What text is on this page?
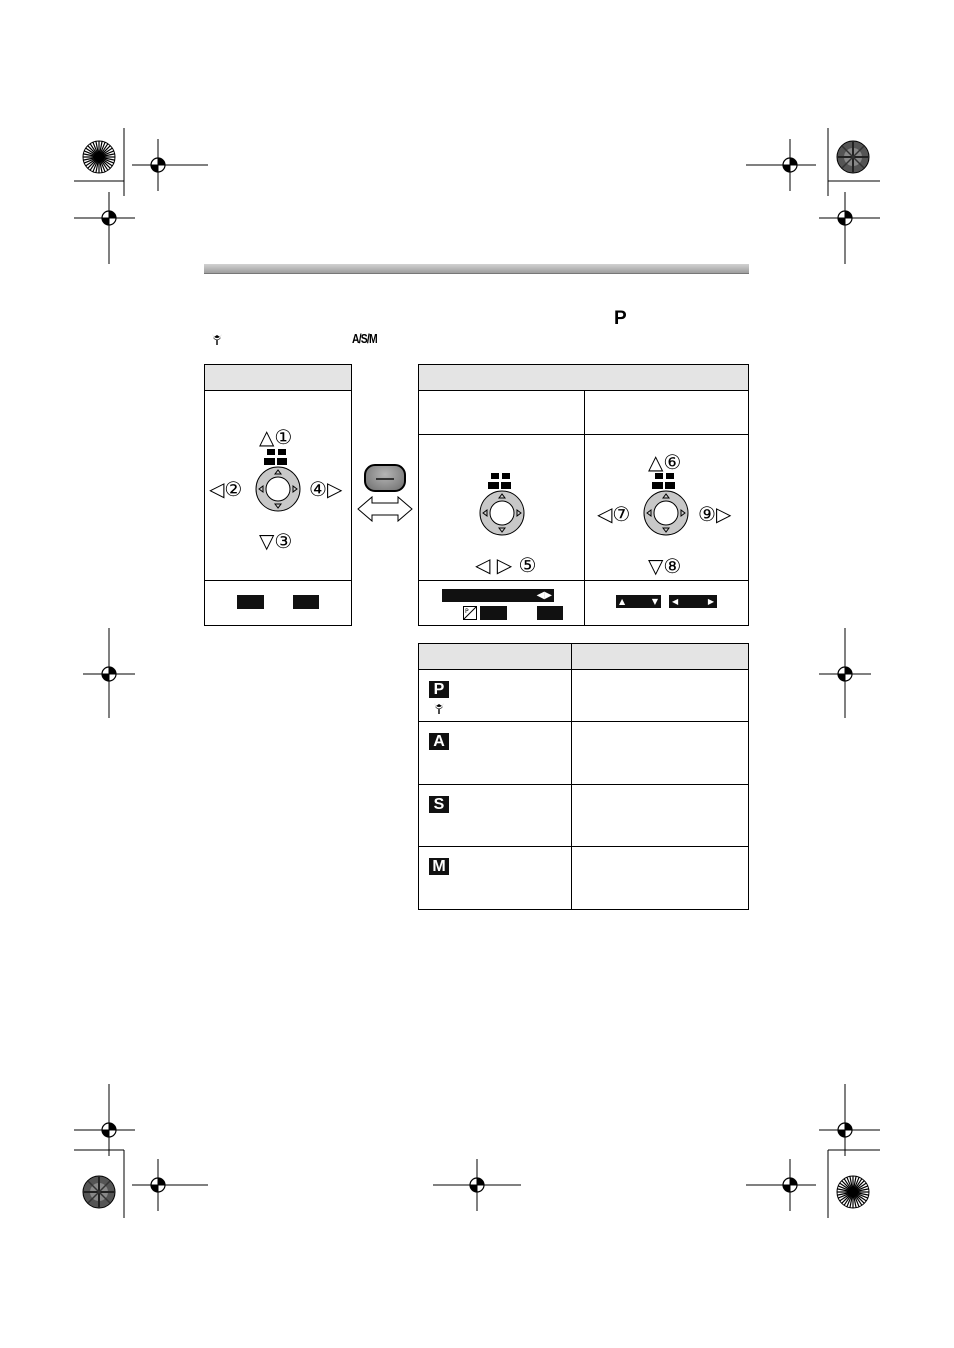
P
A/S/M
△①
◁②	④▷
▽③
◁ ▷ ⑤
△⑥
◁⑦	⑨▷
▽⑧
◀▶
P
▲	▼ ◀	▶
P
A
S
M
